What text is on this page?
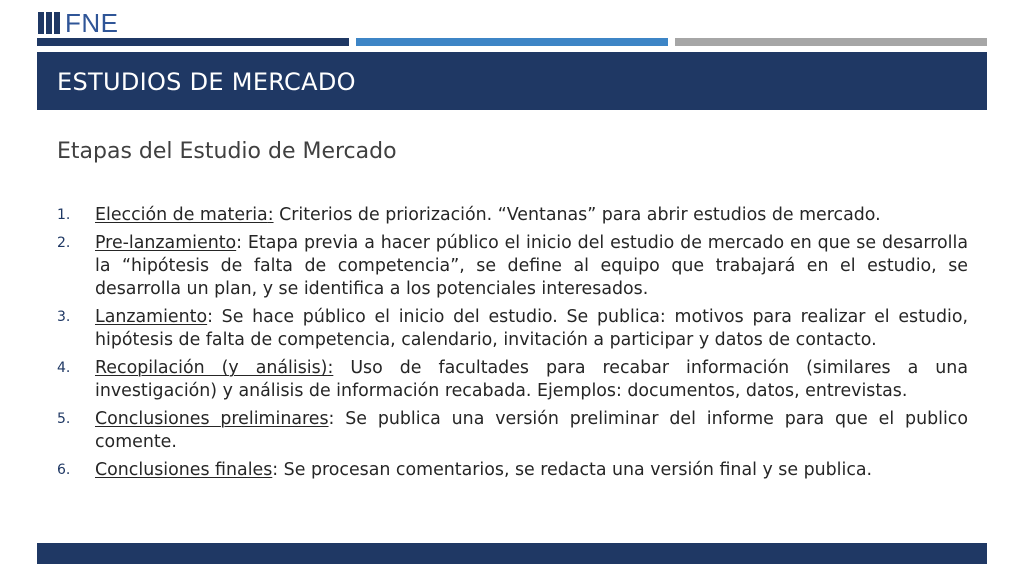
FNE
ESTUDIOS DE MERCADO
Etapas del Estudio de Mercado
1.	Elección de materia: Criterios de priorización. “Ventanas” para abrir estudios de mercado.
2.	Pre-lanzamiento: Etapa previa a hacer público el inicio del estudio de mercado en que se desarrolla la “hipótesis de falta de competencia”, se define al equipo que trabajará en el estudio, se desarrolla un plan, y se identifica a los potenciales interesados.
3.	Lanzamiento: Se hace público el inicio del estudio. Se publica: motivos para realizar el estudio, hipótesis de falta de competencia, calendario, invitación a participar y datos de contacto.
4.	Recopilación (y análisis): Uso de facultades para recabar información (similares a una investigación) y análisis de información recabada. Ejemplos: documentos, datos, entrevistas.
5.	Conclusiones preliminares: Se publica una versión preliminar del informe para que el publico comente.
6.	Conclusiones finales: Se procesan comentarios, se redacta una versión final y se publica.
